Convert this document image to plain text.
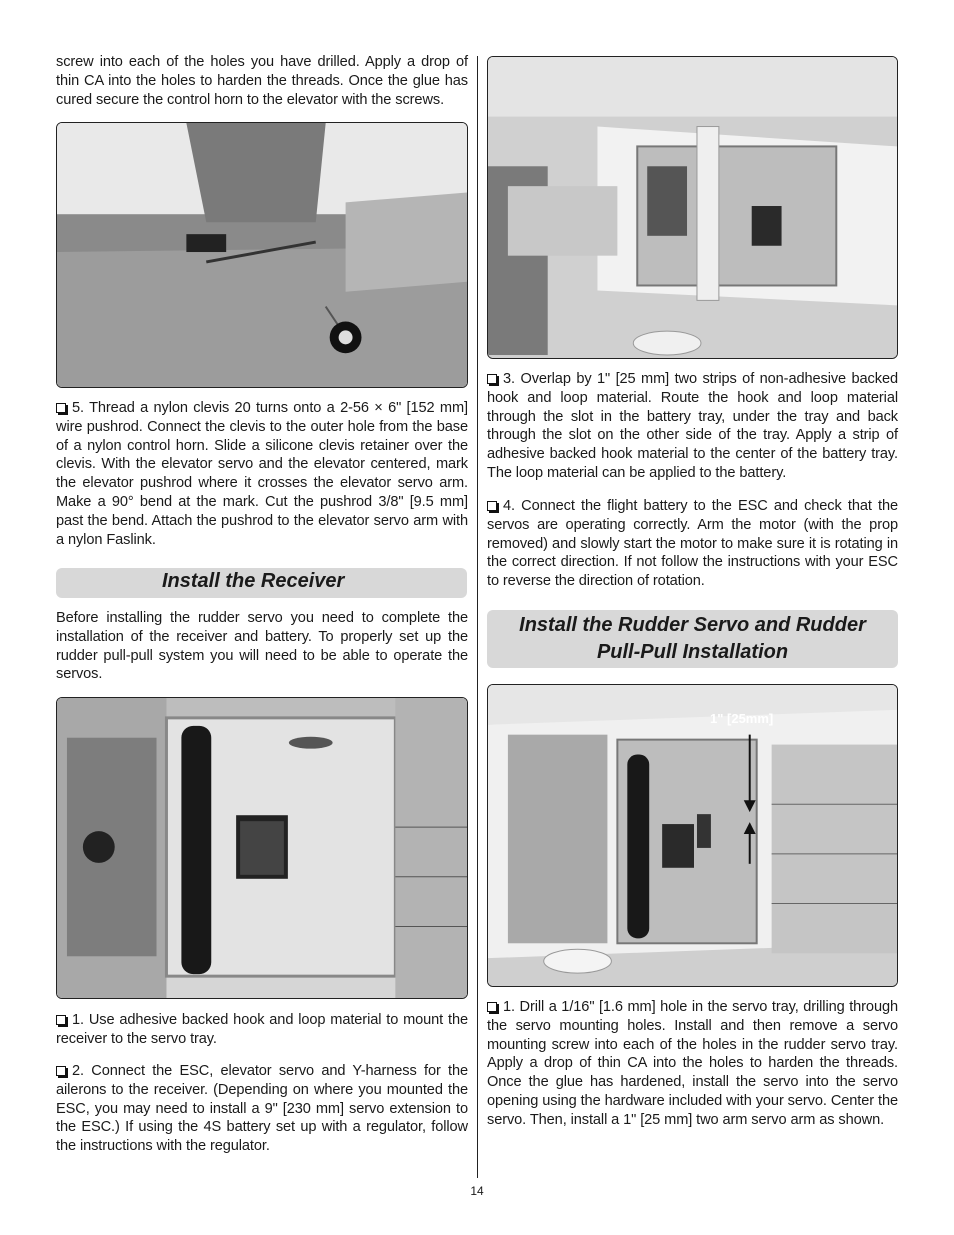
screw into each of the holes you have drilled. Apply a drop of thin CA into the holes to harden the threads. Once the glue has cured secure the control horn to the elevator with the screws.

5. Thread a nylon clevis 20 turns onto a 2-56 × 6" [152 mm] wire pushrod. Connect the clevis to the outer hole from the base of a nylon control horn. Slide a silicone clevis retainer over the clevis. With the elevator servo and the elevator centered, mark the elevator pushrod where it crosses the elevator servo arm. Make a 90° bend at the mark. Cut the pushrod 3/8" [9.5 mm] past the bend. Attach the pushrod to the elevator servo arm with a nylon Faslink.

Install the Receiver

Before installing the rudder servo you need to complete the installation of the receiver and battery. To properly set up the rudder pull-pull system you will need to be able to operate the servos.

1. Use adhesive backed hook and loop material to mount the receiver to the servo tray.

2. Connect the ESC, elevator servo and Y-harness for the ailerons to the receiver. (Depending on where you mounted the ESC, you may need to install a 9" [230 mm] servo extension to the ESC.) If using the 4S battery set up with a regulator, follow the instructions with the regulator.

3. Overlap by 1" [25 mm] two strips of non-adhesive backed hook and loop material. Route the hook and loop material through the slot in the battery tray, under the tray and back through the slot on the other side of the tray. Apply a strip of adhesive backed hook material to the center of the battery tray. The loop material can be applied to the battery.

4. Connect the flight battery to the ESC and check that the servos are operating correctly. Arm the motor (with the prop removed) and slowly start the motor to make sure it is rotating in the correct direction. If not follow the instructions with your ESC to reverse the direction of rotation.

Install the Rudder Servo and Rudder
Pull-Pull Installation
1" [25mm]

1. Drill a 1/16" [1.6 mm] hole in the servo tray, drilling through the servo mounting holes. Install and then remove a servo mounting screw into each of the holes in the rudder servo tray. Apply a drop of thin CA into the holes to harden the threads. Once the glue has hardened, install the servo into the servo opening using the hardware included with your servo. Center the servo. Then, install a 1" [25 mm] two arm servo arm as shown.

14
